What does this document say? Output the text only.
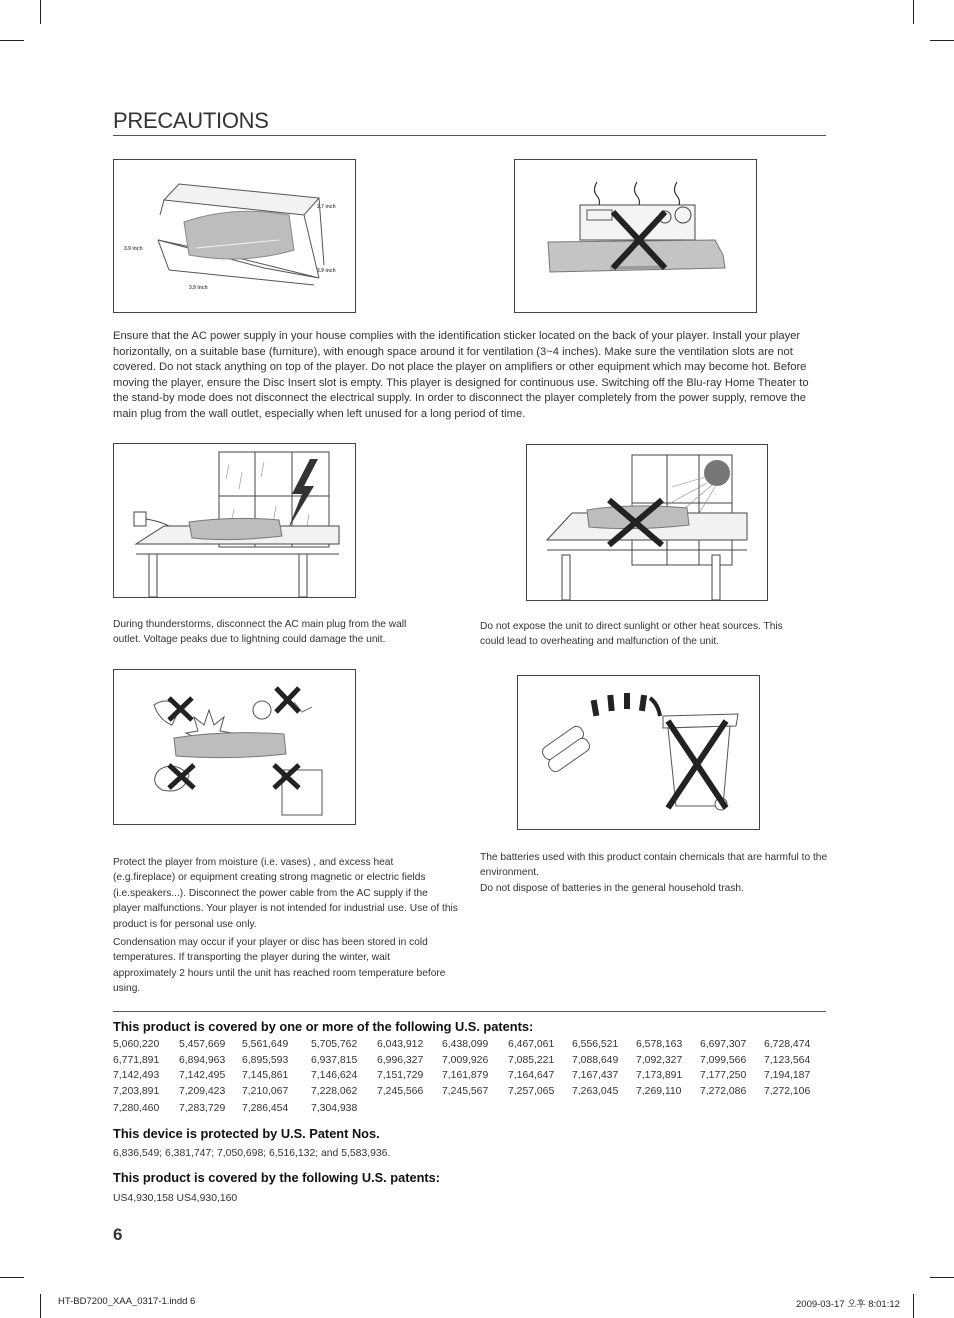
PRECAUTIONS
2.7 inch
3.9 inch
3.9 inch
3.9 inch

Ensure that the AC power supply in your house complies with the identification sticker located on the back of your player. Install your player horizontally, on a suitable base (furniture), with enough space around it for ventilation (3~4 inches). Make sure the ventilation slots are not covered. Do not stack anything on top of the player. Do not place the player on amplifiers or other equipment which may become hot. Before moving the player, ensure the Disc Insert slot is empty. This player is designed for continuous use. Switching off the Blu-ray Home Theater to the stand-by mode does not disconnect the electrical supply. In order to disconnect the player completely from the power supply, remove the main plug from the wall outlet, especially when left unused for a long period of time.

During thunderstorms, disconnect the AC main plug from the wall outlet. Voltage peaks due to lightning could damage the unit.

Do not expose the unit to direct sunlight or other heat sources. This could lead to overheating and malfunction of the unit.

Protect the player from moisture (i.e. vases) , and excess heat (e.g.fireplace) or equipment creating strong magnetic or electric fields (i.e.speakers...). Disconnect the power cable from the AC supply if the player malfunctions. Your player is not intended for industrial use. Use of this product is for personal use only.

Condensation may occur if your player or disc has been stored in cold temperatures. If transporting the player during the winter, wait approximately 2 hours until the unit has reached room temperature before using.

The batteries used with this product contain chemicals that are harmful to the environment.

Do not dispose of batteries in the general household trash.

This product is covered by one or more of the following U.S. patents:
5,060,220	5,457,669	5,561,649	5,705,762	6,043,912	6,438,099	6,467,061	6,556,521	6,578,163	6,697,307	6,728,474
6,771,891	6,894,963	6,895,593	6,937,815	6,996,327	7,009,926	7,085,221	7,088,649	7,092,327	7,099,566	7,123,564
7,142,493	7,142,495	7,145,861	7,146,624	7,151,729	7,161,879	7,164,647	7,167,437	7,173,891	7,177,250	7,194,187
7,203,891	7,209,423	7,210,067	7,228,062	7,245,566	7,245,567	7,257,065	7,263,045	7,269,110	7,272,086	7,272,106
7,280,460	7,283,729	7,286,454	7,304,938
This device is protected by U.S. Patent Nos.
6,836,549; 6,381,747; 7,050,698; 6,516,132; and 5,583,936.
This product is covered by the following U.S. patents:
US4,930,158 US4,930,160
6
HT-BD7200_XAA_0317-1.indd 6	2009-03-17 오후 8:01:12
